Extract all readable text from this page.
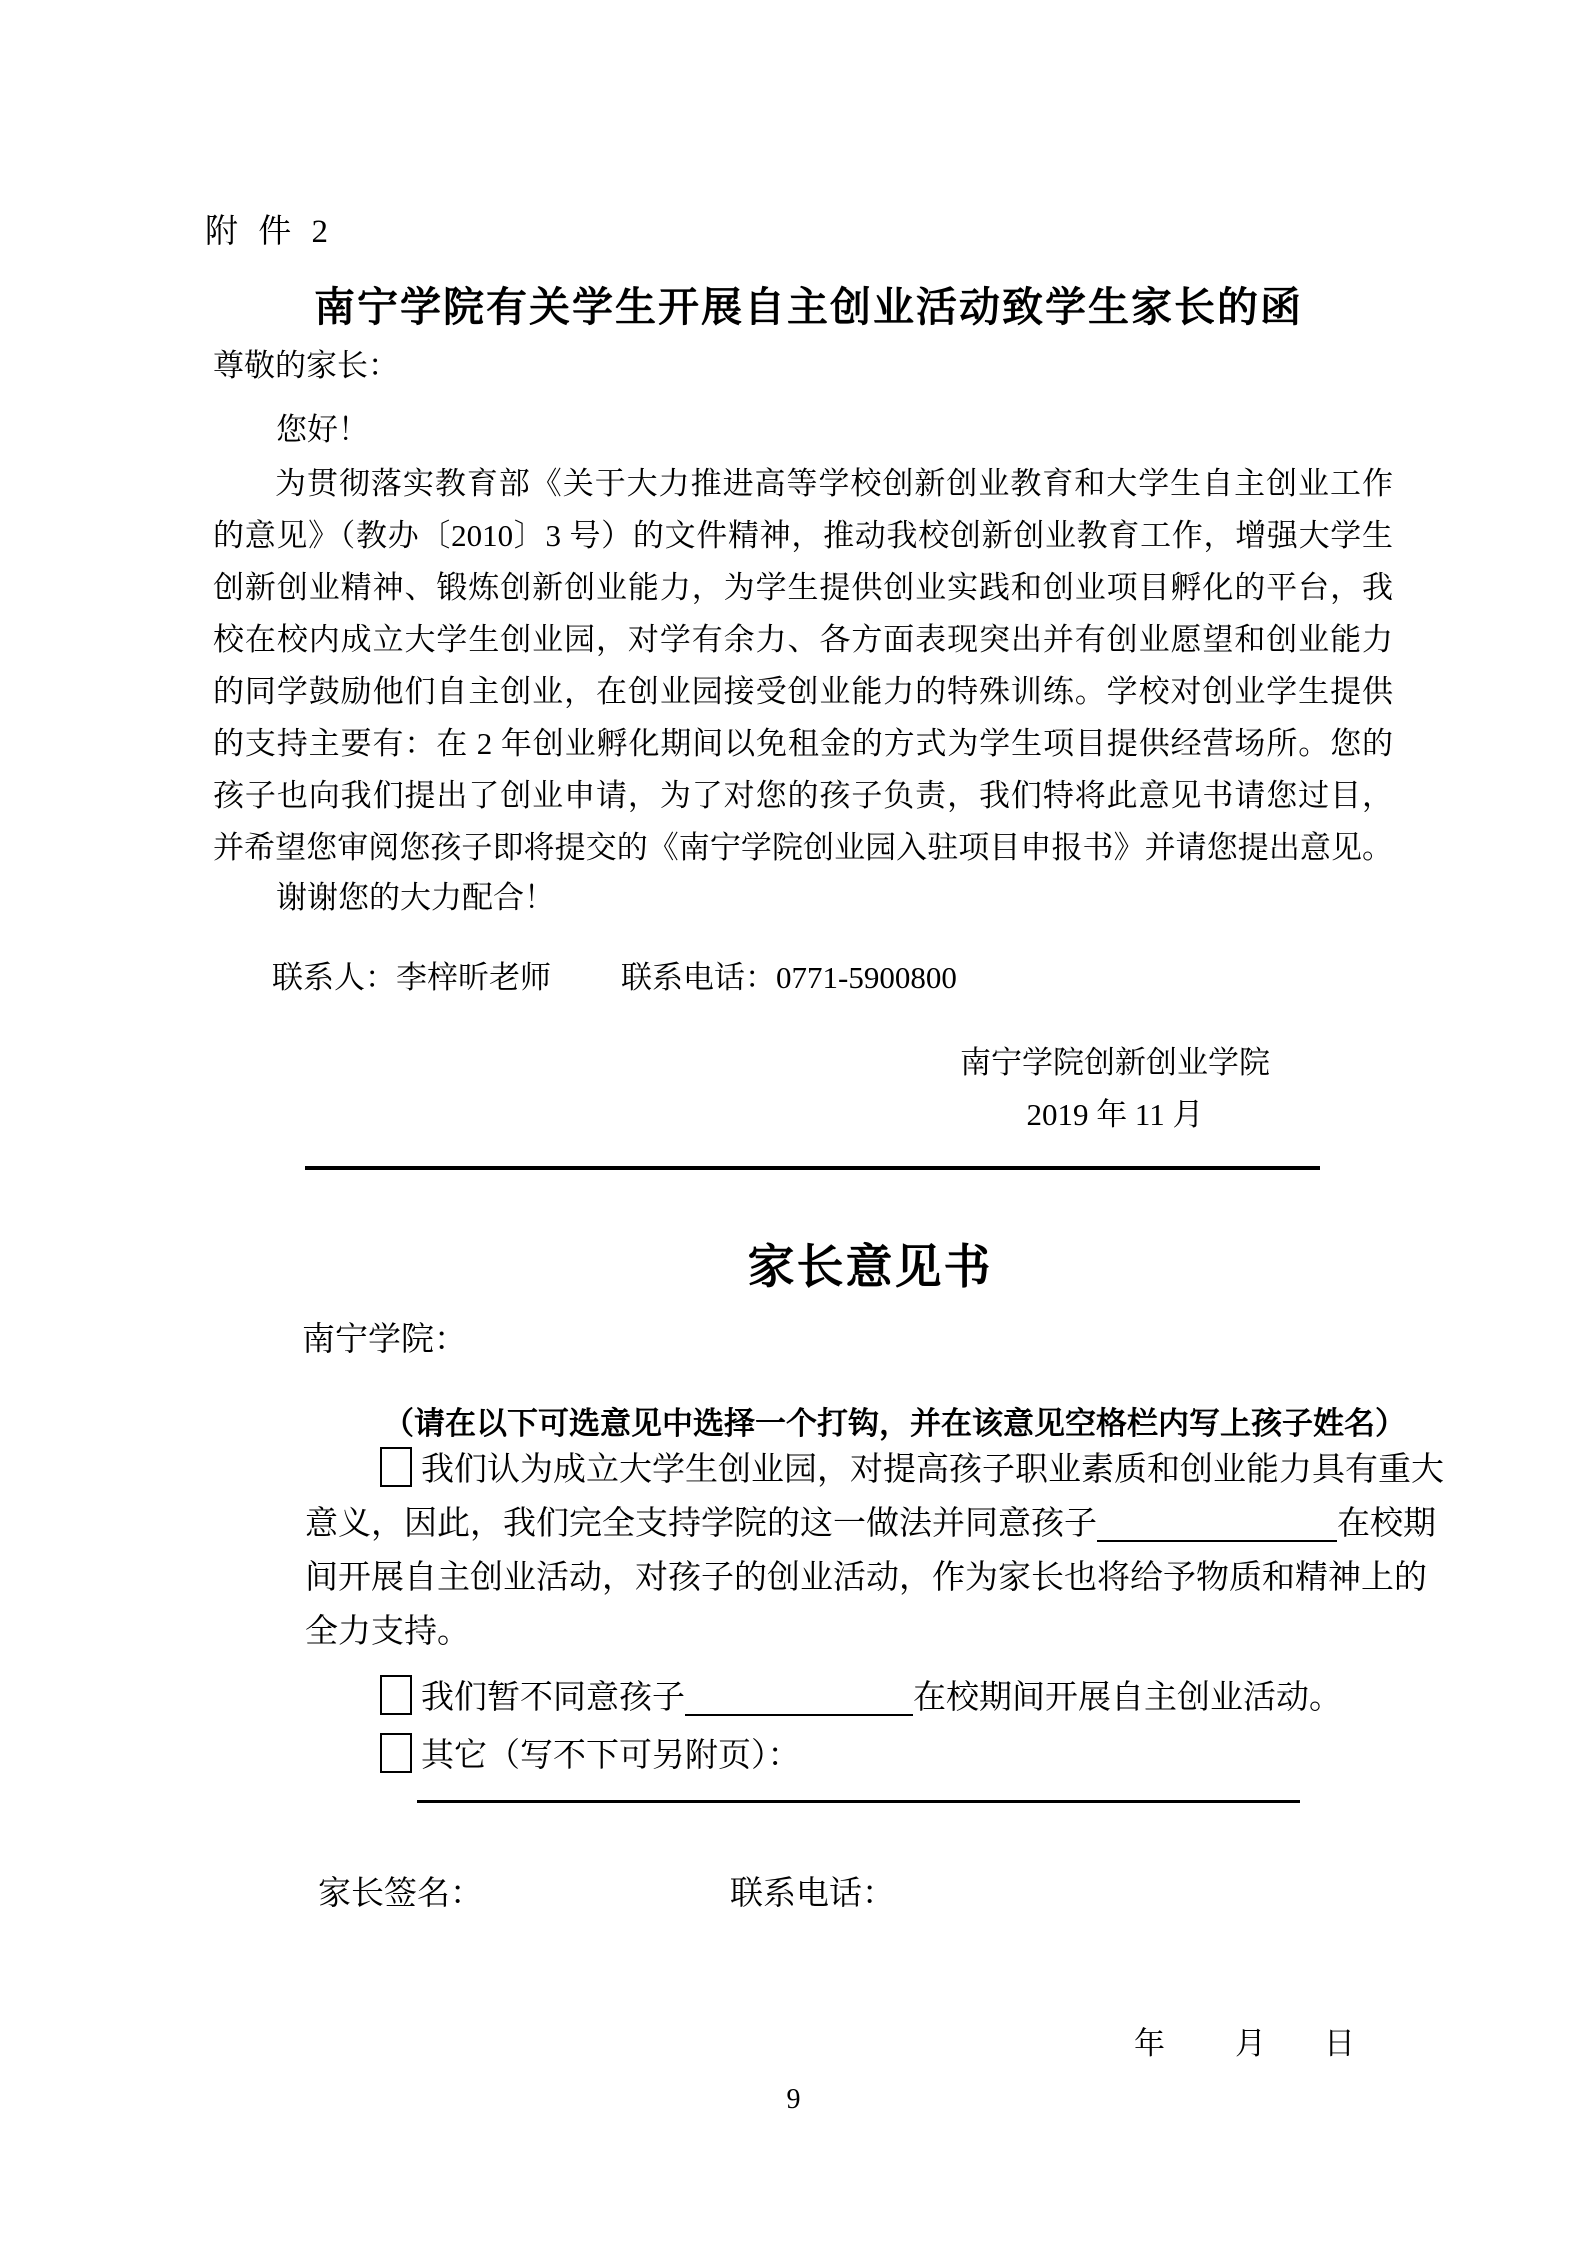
附 件 2
南宁学院有关学生开展自主创业活动致学生家长的函
尊敬的家长：
您好！
为贯彻落实教育部《关于大力推进高等学校创新创业教育和大学生自主创业工作
的意见》（教办〔2010〕3 号）的文件精神，推动我校创新创业教育工作，增强大学生
创新创业精神、锻炼创新创业能力，为学生提供创业实践和创业项目孵化的平台，我
校在校内成立大学生创业园，对学有余力、各方面表现突出并有创业愿望和创业能力
的同学鼓励他们自主创业，在创业园接受创业能力的特殊训练。学校对创业学生提供
的支持主要有：在 2 年创业孵化期间以免租金的方式为学生项目提供经营场所。您的
孩子也向我们提出了创业申请，为了对您的孩子负责，我们特将此意见书请您过目，
并希望您审阅您孩子即将提交的《南宁学院创业园入驻项目申报书》并请您提出意见。
谢谢您的大力配合！
联系人：李梓昕老师 联系电话：0771-5900800
南宁学院创新创业学院
2019 年 11 月
家长意见书
南宁学院：
（请在以下可选意见中选择一个打钩，并在该意见空格栏内写上孩子姓名）
我们认为成立大学生创业园，对提高孩子职业素质和创业能力具有重大
意义，因此，我们完全支持学院的这一做法并同意孩子	在校期
间开展自主创业活动，对孩子的创业活动，作为家长也将给予物质和精神上的
全力支持。
我们暂不同意孩子	在校期间开展自主创业活动。
其它（写不下可另附页）：
家长签名：	联系电话：
年 月 日
9
